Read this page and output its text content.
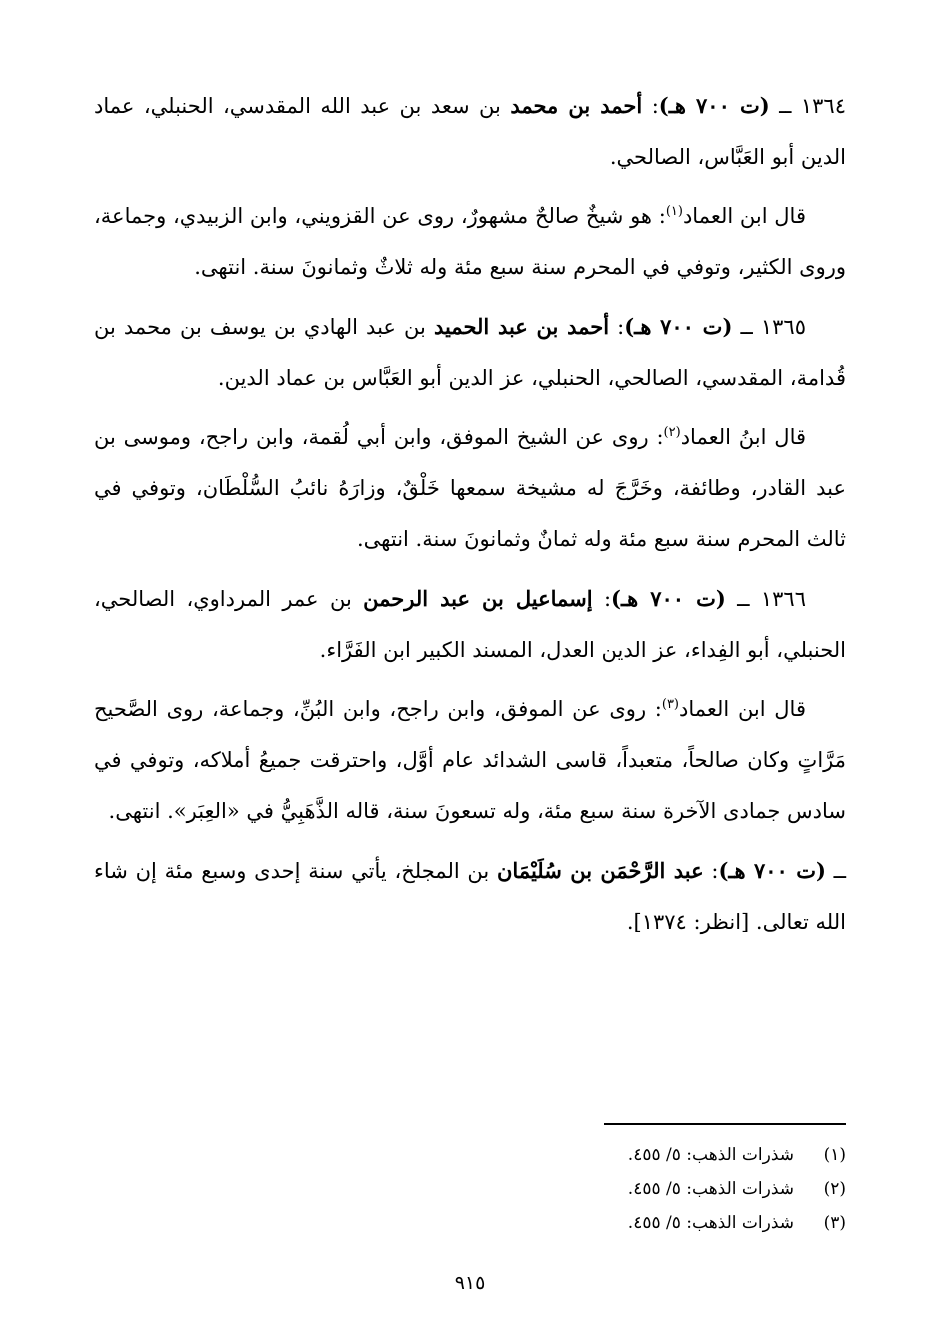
١٣٦٤ ــ (ت ٧٠٠ هـ): أحمد بن محمد بن سعد بن عبد الله المقدسي، الحنبلي، عماد الدين أبو العَبَّاس، الصالحي.

قال ابن العماد$^{(١)}$: هو شيخٌ صالحٌ مشهورٌ، روى عن القزويني، وابن الزبيدي، وجماعة، وروى الكثير، وتوفي في المحرم سنة سبع مئة وله ثلاثٌ وثمانونَ سنة. انتهى.

١٣٦٥ ــ (ت ٧٠٠ هـ): أحمد بن عبد الحميد بن عبد الهادي بن يوسف بن محمد بن قُدامة، المقدسي، الصالحي، الحنبلي، عز الدين أبو العَبَّاس بن عماد الدين.

قال ابنُ العماد$^{(٢)}$: روى عن الشيخ الموفق، وابن أبي لُقمة، وابن راجح، وموسى بن عبد القادر، وطائفة، وخَرَّجَ له مشيخة سمعها خَلْقٌ، وزارَهُ نائبُ السُّلْطَان، وتوفي في ثالث المحرم سنة سبع مئة وله ثمانٌ وثمانونَ سنة. انتهى.

١٣٦٦ ــ (ت ٧٠٠ هـ): إسماعيل بن عبد الرحمن بن عمر المرداوي، الصالحي، الحنبلي، أبو الفِداء، عز الدين العدل، المسند الكبير ابن الفَرَّاء.

قال ابن العماد$^{(٣)}$: روى عن الموفق، وابن راجح، وابن البُنِّ، وجماعة، روى الصَّحيح مَرَّاتٍ وكان صالحاً، متعبداً، قاسى الشدائد عام أوَّل، واحترقت جميعُ أملاكه، وتوفي في سادس جمادى الآخرة سنة سبع مئة، وله تسعونَ سنة، قاله الذَّهَبِيُّ في «العِبَر». انتهى.

ــ (ت ٧٠٠ هـ): عبد الرَّحْمَن بن سُلَيْمَان بن المجلخ، يأتي سنة إحدى وسبع مئة إن شاء الله تعالى. [انظر: ١٣٧٤].

(١)
شذرات الذهب: ٥/ ٤٥٥.
(٢)
شذرات الذهب: ٥/ ٤٥٥.
(٣)
شذرات الذهب: ٥/ ٤٥٥.
٩١٥
